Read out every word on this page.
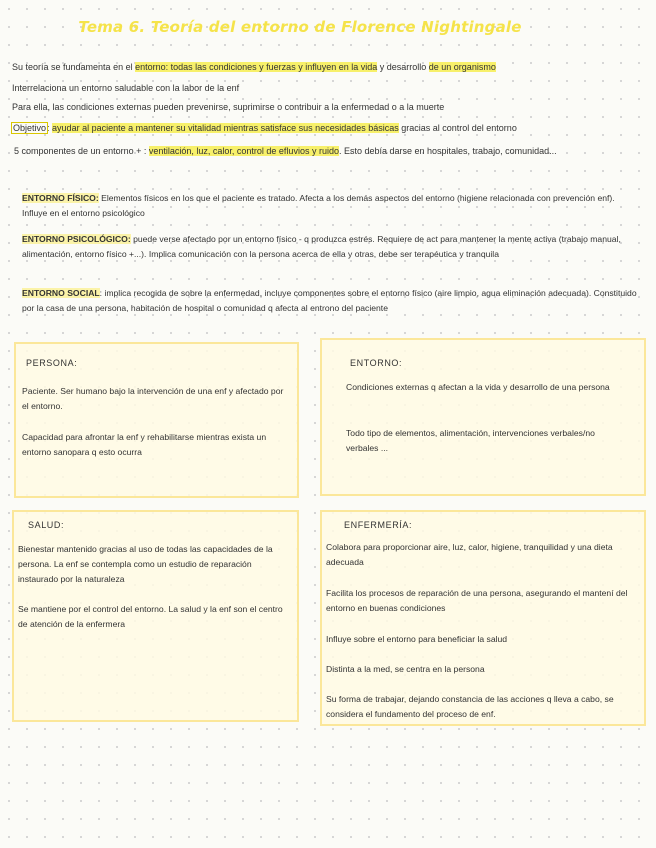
Tema 6. Teoría del entorno de Florence Nightingale
Su teoría se fundamenta en el entorno: todas las condiciones y fuerzas y influyen en la vida y desarrollo de un organismo
Interrelaciona un entorno saludable con la labor de la enf
Para ella, las condiciones externas pueden prevenirse, suprimirse o contribuir a la enfermedad o a la muerte
Objetivo: ayudar al paciente a mantener su vitalidad mientras satisface sus necesidades básicas gracias al control del entorno
5 componentes de un entorno + : ventilación, luz, calor, control de efluvios y ruido. Esto debía darse en hospitales, trabajo, comunidad...
ENTORNO FÍSICO: Elementos físicos en los que el paciente es tratado. Afecta a los demás aspectos del entorno (higiene relacionada con prevención enf). Influye en el entorno psicológico
ENTORNO PSICOLÓGICO: puede verse afectado por un entorno físico - q produzca estrés. Requiere de act para mantener la mente activa (trabajo manual, alimentación, entorno físico +...). Implica comunicación con la persona acerca de ella y otras, debe ser terapéutica y tranquila
ENTORNO SOCIAL: implica recogida de sobre la enfermedad, incluye componentes sobre el entorno físico (aire limpio, agua eliminación adecuada). Constituido por la casa de una persona, habitación de hospital o comunidad q afecta al entrono del paciente
PERSONA:
Paciente. Ser humano bajo la intervención de una enf y afectado por el entorno.
Capacidad para afrontar la enf y rehabilitarse mientras exista un entorno sanopara q esto ocurra
ENTORNO:
Condiciones externas q afectan a la vida y desarrollo de una persona
Todo tipo de elementos, alimentación, intervenciones verbales/no verbales ...
SALUD:
Bienestar mantenido gracias al uso de todas las capacidades de la persona. La enf se contempla como un estudio de reparación instaurado por la naturaleza
Se mantiene por el control del entorno. La salud y la enf son el centro de atención de la enfermera
ENFERMERÍA:
Colabora para proporcionar aire, luz, calor, higiene, tranquilidad y una dieta adecuada
Facilita los procesos de reparación de una persona, asegurando el mantení del entorno en buenas condiciones
Influye sobre el entorno para beneficiar la salud
Distinta a la med, se centra en la persona
Su forma de trabajar, dejando constancia de las acciones q lleva a cabo, se considera el fundamento del proceso de enf.
